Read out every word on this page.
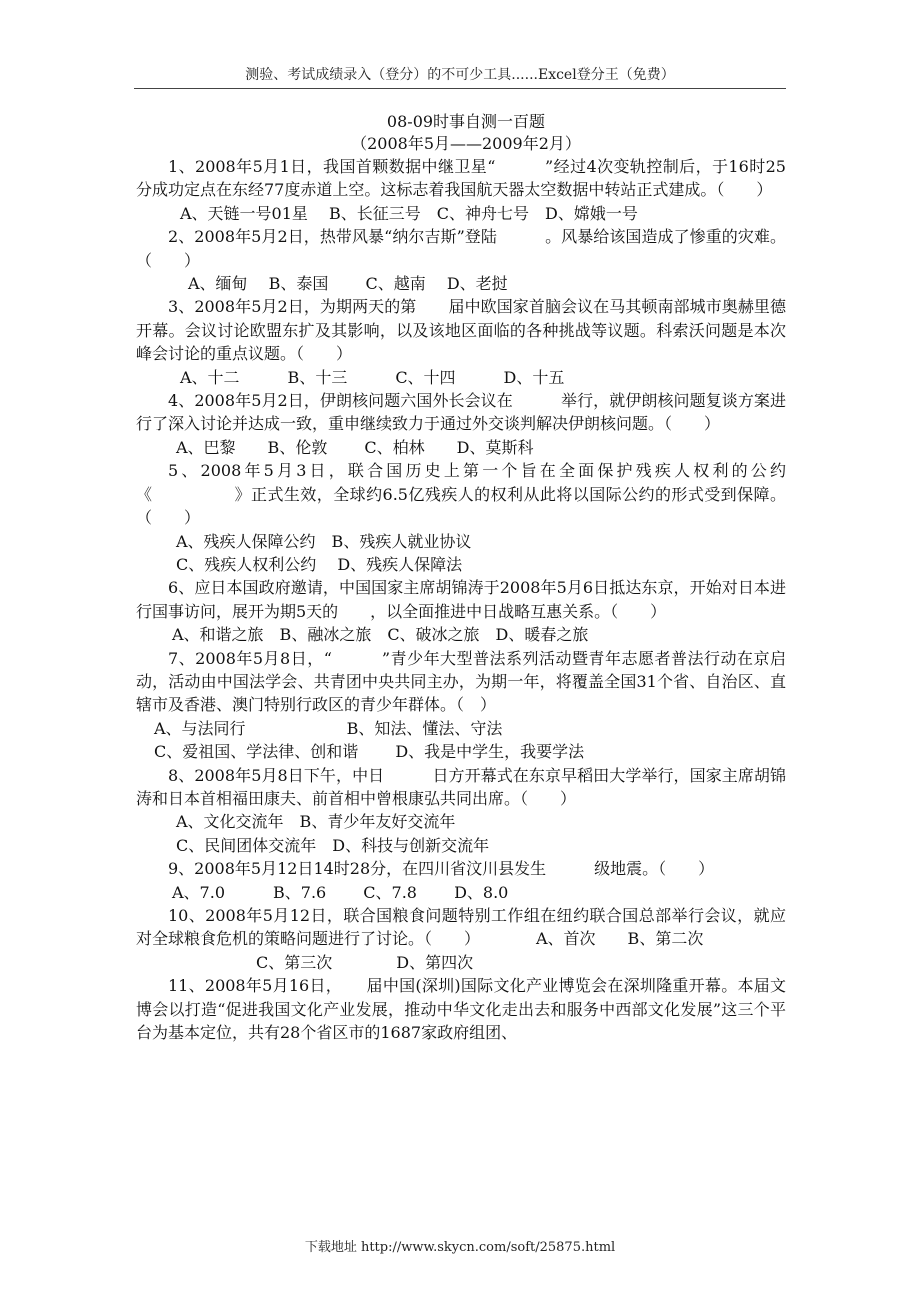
测验、考试成绩录入（登分）的不可少工具......Excel登分王（免费）
08-09时事自测一百题
（2008年5月——2009年2月）

1、2008年5月1日，我国首颗数据中继卫星“　　　”经过4次变轨控制后，于16时25分成功定点在东经77度赤道上空。这标志着我国航天器太空数据中转站正式建成。（　　）

A、天链一号01星　 B、长征三号　C、神舟七号　D、嫦娥一号

2、2008年5月2日，热带风暴“纳尔吉斯”登陆　　　。风暴给该国造成了惨重的灾难。（　　）

A、缅甸　 B、泰国　　 C、越南　 D、老挝

3、2008年5月2日，为期两天的第　　届中欧国家首脑会议在马其顿南部城市奥赫里德开幕。会议讨论欧盟东扩及其影响，以及该地区面临的各种挑战等议题。科索沃问题是本次峰会讨论的重点议题。（　　）

A、十二　　　B、十三　　　C、十四　　　D、十五

4、2008年5月2日，伊朗核问题六国外长会议在　　　举行，就伊朗核问题复谈方案进行了深入讨论并达成一致，重申继续致力于通过外交谈判解决伊朗核问题。（　　）

A、巴黎　　B、伦敦　　 C、柏林　　D、莫斯科

5、2008年5月3日，联合国历史上第一个旨在全面保护残疾人权利的公约《　　　　　》正式生效，全球约6.5亿残疾人的权利从此将以国际公约的形式受到保障。（　　）

A、残疾人保障公约　B、残疾人就业协议

C、残疾人权利公约　 D、残疾人保障法

6、应日本国政府邀请，中国国家主席胡锦涛于2008年5月6日抵达东京，开始对日本进行国事访问，展开为期5天的　　，以全面推进中日战略互惠关系。（　　）

A、和谐之旅　B、融冰之旅　C、破冰之旅　D、暖春之旅

7、2008年5月8日，“　　　”青少年大型普法系列活动暨青年志愿者普法行动在京启动，活动由中国法学会、共青团中央共同主办，为期一年，将覆盖全国31个省、自治区、直辖市及香港、澳门特别行政区的青少年群体。（　）

A、与法同行　　　　　　 B、知法、懂法、守法

C、爱祖国、学法律、创和谐　　 D、我是中学生，我要学法

8、2008年5月8日下午，中日　　　日方开幕式在东京早稻田大学举行，国家主席胡锦涛和日本首相福田康夫、前首相中曾根康弘共同出席。（　　）

A、文化交流年　B、青少年友好交流年

C、民间团体交流年　D、科技与创新交流年

9、2008年5月12日14时28分，在四川省汶川县发生　　　级地震。（　　）

A、7.0　　　B、7.6　　 C、7.8　　 D、8.0

10、2008年5月12日，联合国粮食问题特别工作组在纽约联合国总部举行会议，就应对全球粮食危机的策略问题进行了讨论。（　　）　　　　A、首次　　B、第二次

C、第三次　　　　D、第四次

11、2008年5月16日，　　届中国(深圳)国际文化产业博览会在深圳隆重开幕。本届文博会以打造“促进我国文化产业发展，推动中华文化走出去和服务中西部文化发展”这三个平台为基本定位，共有28个省区市的1687家政府组团、

下载地址 http://www.skycn.com/soft/25875.html
